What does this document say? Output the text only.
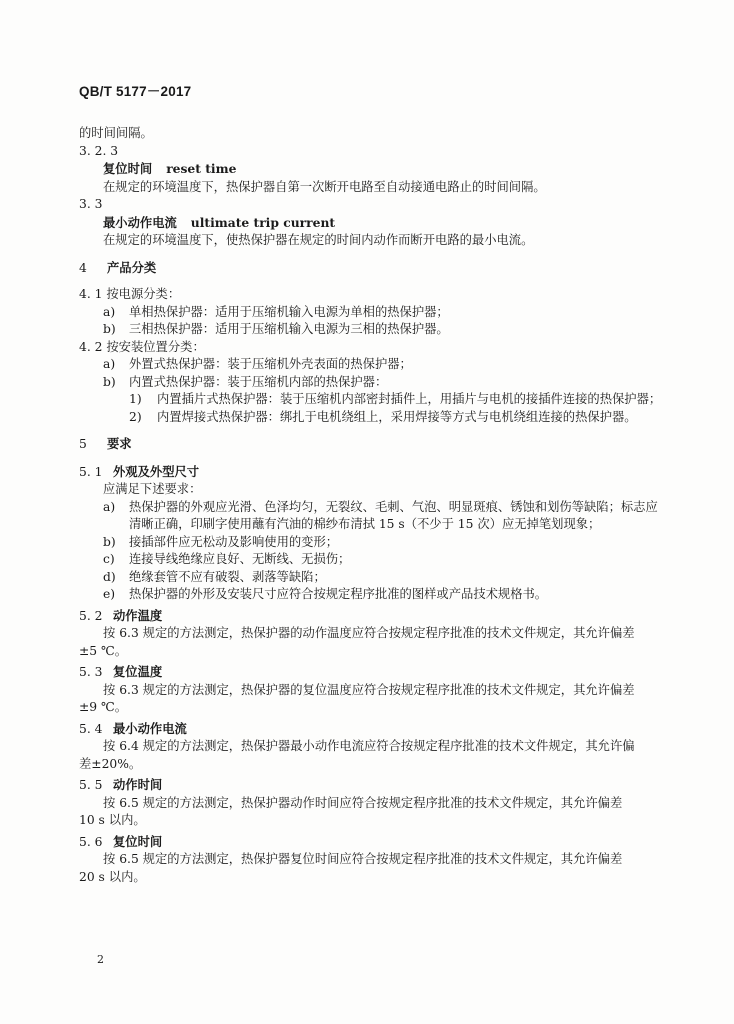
QB/T 5177－2017
的时间间隔。
3. 2. 3
复位时间 reset time
在规定的环境温度下，热保护器自第一次断开电路至自动接通电路止的时间间隔。
3. 3
最小动作电流 ultimate trip current
在规定的环境温度下，使热保护器在规定的时间内动作而断开电路的最小电流。
4 产品分类
4. 1 按电源分类：
a)	单相热保护器：适用于压缩机输入电源为单相的热保护器；
b)	三相热保护器：适用于压缩机输入电源为三相的热保护器。
4. 2 按安装位置分类：
a)	外置式热保护器：装于压缩机外壳表面的热保护器；
b)	内置式热保护器：装于压缩机内部的热保护器：
1)	内置插片式热保护器：装于压缩机内部密封插件上，用插片与电机的接插件连接的热保护器；
2)	内置焊接式热保护器：绑扎于电机绕组上，采用焊接等方式与电机绕组连接的热保护器。
5 要求
5. 1 外观及外型尺寸
应满足下述要求：
a)	热保护器的外观应光滑、色泽均匀，无裂纹、毛刺、气泡、明显斑痕、锈蚀和划伤等缺陷；标志应清晰正确，印刷字使用蘸有汽油的棉纱布清拭 15 s（不少于 15 次）应无掉笔划现象；
b)	接插部件应无松动及影响使用的变形；
c)	连接导线绝缘应良好、无断线、无损伤；
d)	绝缘套管不应有破裂、剥落等缺陷；
e)	热保护器的外形及安装尺寸应符合按规定程序批准的图样或产品技术规格书。
5. 2 动作温度
按 6.3 规定的方法测定，热保护器的动作温度应符合按规定程序批准的技术文件规定，其允许偏差
±5 ℃。
5. 3 复位温度
按 6.3 规定的方法测定，热保护器的复位温度应符合按规定程序批准的技术文件规定，其允许偏差
±9 ℃。
5. 4 最小动作电流
按 6.4 规定的方法测定，热保护器最小动作电流应符合按规定程序批准的技术文件规定，其允许偏
差±20%。
5. 5 动作时间
按 6.5 规定的方法测定，热保护器动作时间应符合按规定程序批准的技术文件规定，其允许偏差
10 s 以内。
5. 6 复位时间
按 6.5 规定的方法测定，热保护器复位时间应符合按规定程序批准的技术文件规定，其允许偏差
20 s 以内。
2
